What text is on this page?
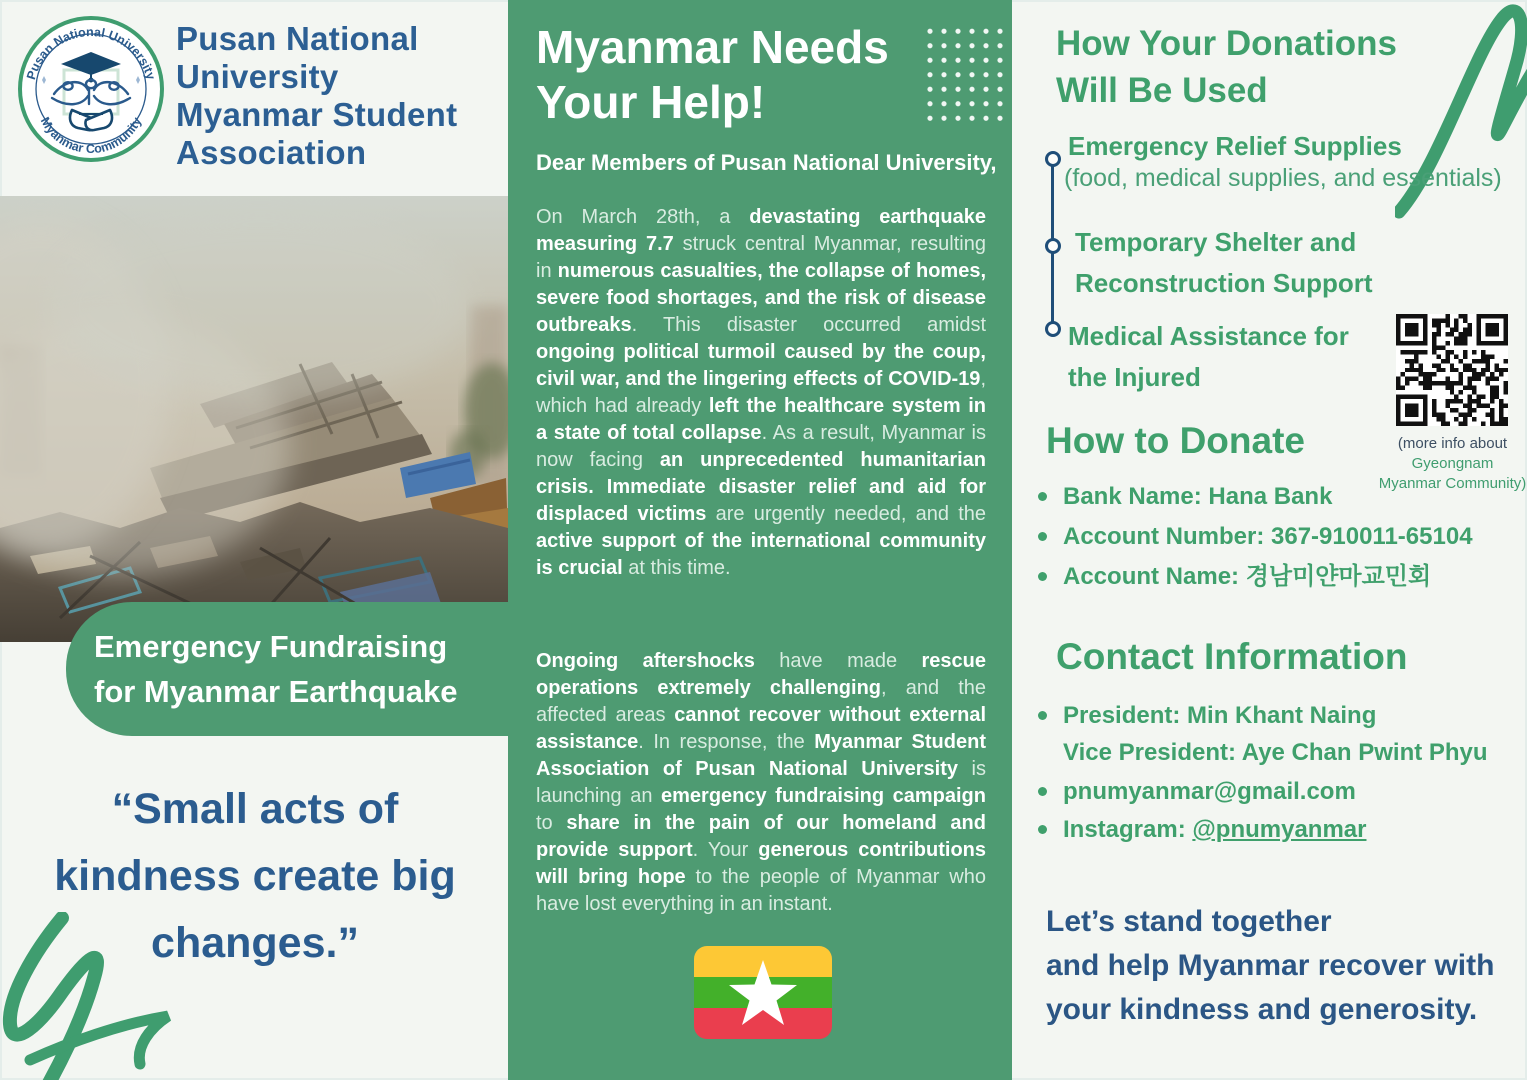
Pusan National University
Myanmar Community
Pusan National
University
Myanmar Student
Association
Emergency Fundraising
for Myanmar Earthquake
“Small acts of
kindness create big
changes.”
Myanmar Needs
Your Help!
Dear Members of Pusan National University,
On March 28th, a devastating earthquake measuring 7.7 struck central Myanmar, resulting in numerous casualties, the collapse of homes, severe food shortages, and the risk of disease outbreaks. This disaster occurred amidst ongoing political turmoil caused by the coup, civil war, and the lingering effects of COVID-19, which had already left the healthcare system in a state of total collapse. As a result, Myanmar is now facing an unprecedented humanitarian crisis. Immediate disaster relief and aid for displaced victims are urgently needed, and the active support of the international community is crucial at this time.
Ongoing aftershocks have made rescue operations extremely challenging, and the affected areas cannot recover without external assistance. In response, the Myanmar Student Association of Pusan National University is launching an emergency fundraising campaign to share in the pain of our homeland and provide support. Your generous contributions will bring hope to the people of Myanmar who have lost everything in an instant.
How Your Donations
Will Be Used
Emergency Relief Supplies
(food, medical supplies, and essentials)
Temporary Shelter and
Reconstruction Support
Medical Assistance for
the Injured
(more info about
Gyeongnam
Myanmar Community)
How to Donate
Bank Name: Hana Bank
Account Number: 367-910011-65104
Account Name: 경남미얀마교민회
Contact Information
President: Min Khant Naing
Vice President: Aye Chan Pwint Phyu
pnumyanmar@gmail.com
Instagram: @pnumyanmar
Let’s stand together
and help Myanmar recover with
your kindness and generosity.
